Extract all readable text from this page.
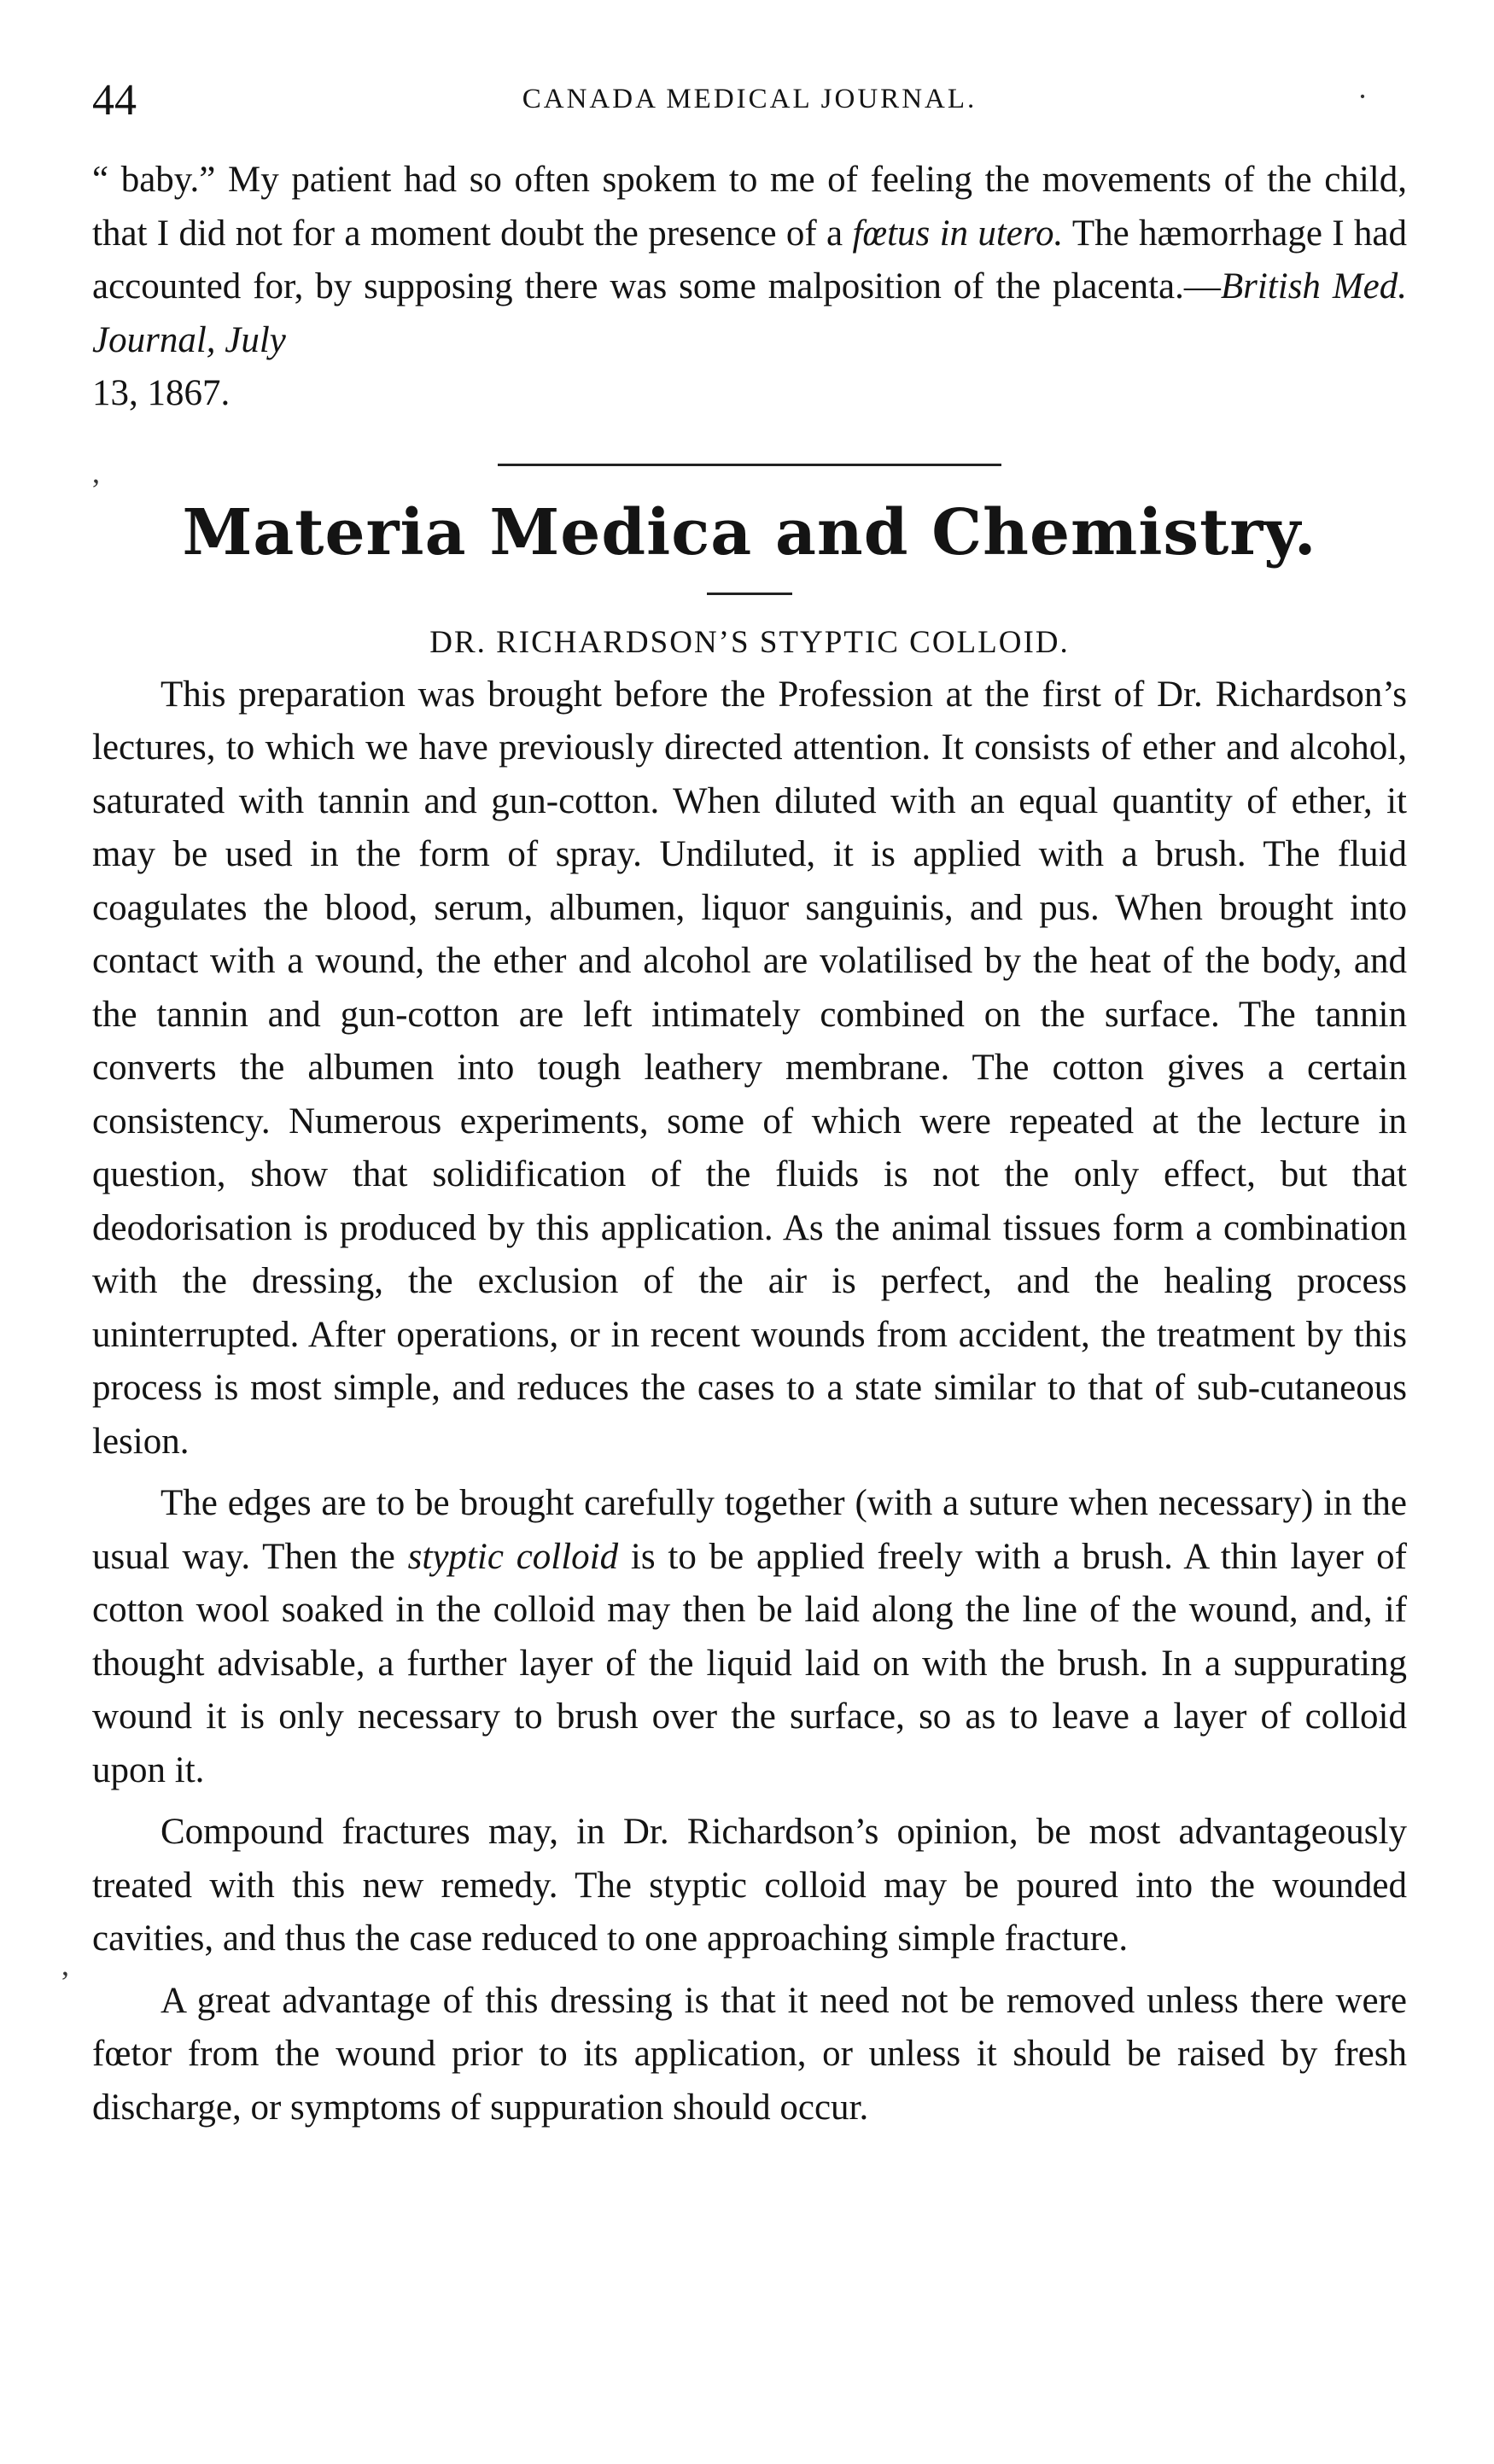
44	CANADA MEDICAL JOURNAL.	·
,
,

“ baby.” My patient had so often spokem to me of feeling the movements of the child, that I did not for a moment doubt the presence of a fœtus in utero. The hæmorrhage I had accounted for, by supposing there was some malposition of the placenta.—British Med. Journal, July
13, 1867.

Materia Medica and Chemistry.
DR. RICHARDSON’S STYPTIC COLLOID.

This preparation was brought before the Profession at the first of Dr. Richardson’s lectures, to which we have previously directed attention. It consists of ether and alcohol, saturated with tannin and gun-cotton. When diluted with an equal quantity of ether, it may be used in the form of spray. Undiluted, it is applied with a brush. The fluid coagulates the blood, serum, albumen, liquor sanguinis, and pus. When brought into contact with a wound, the ether and alcohol are volatilised by the heat of the body, and the tannin and gun-cotton are left intimately combined on the surface. The tannin converts the albumen into tough leathery membrane. The cotton gives a certain consistency. Numerous experiments, some of which were repeated at the lecture in question, show that solidification of the fluids is not the only effect, but that deodorisation is produced by this application. As the animal tissues form a combination with the dressing, the exclusion of the air is perfect, and the healing process uninterrupted. After operations, or in recent wounds from accident, the treatment by this process is most simple, and reduces the cases to a state similar to that of sub-cutaneous lesion.

The edges are to be brought carefully together (with a suture when necessary) in the usual way. Then the styptic colloid is to be applied freely with a brush. A thin layer of cotton wool soaked in the colloid may then be laid along the line of the wound, and, if thought advisable, a further layer of the liquid laid on with the brush. In a suppurating wound it is only necessary to brush over the surface, so as to leave a layer of colloid upon it.

Compound fractures may, in Dr. Richardson’s opinion, be most advantageously treated with this new remedy. The styptic colloid may be poured into the wounded cavities, and thus the case reduced to one approaching simple fracture.

A great advantage of this dressing is that it need not be removed unless there were fœtor from the wound prior to its application, or unless it should be raised by fresh discharge, or symptoms of suppuration should occur.
